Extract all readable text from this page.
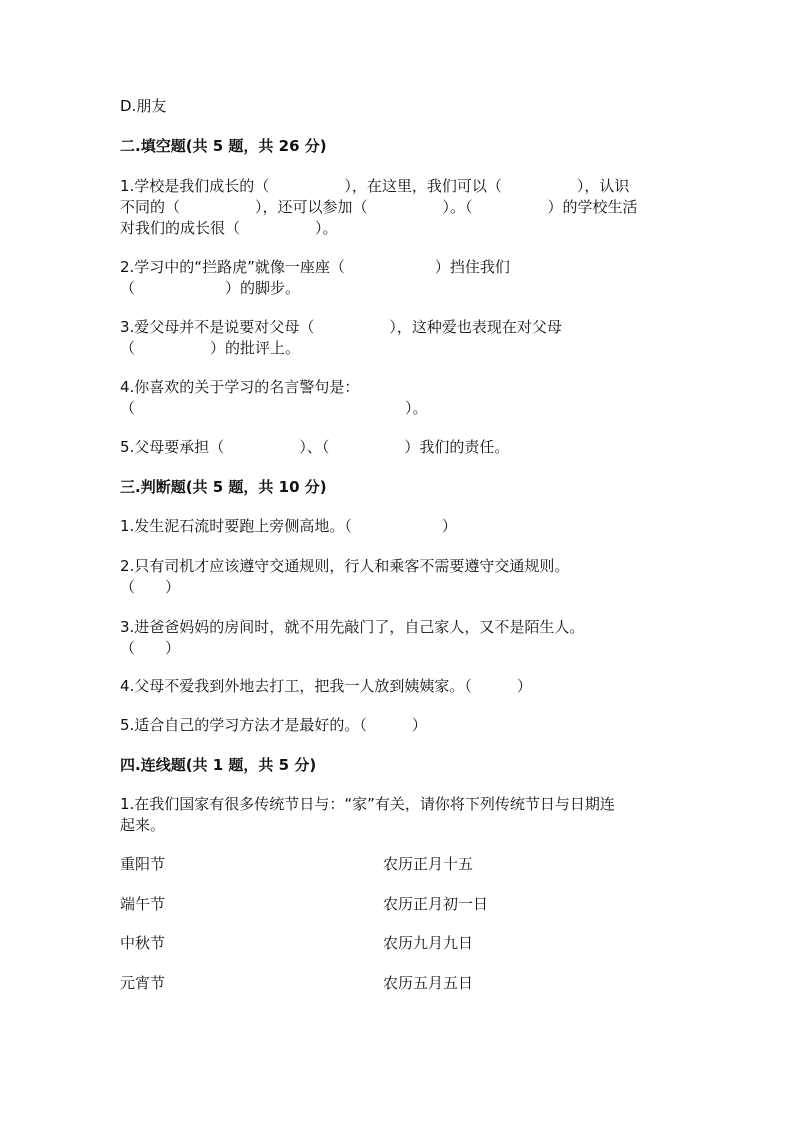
D.朋友
二.填空题(共 5 题，共 26 分)
1.学校是我们成长的（　　　　　），在这里，我们可以（　　　　　），认识
不同的（　　　　　），还可以参加（　　　　　）。（　　　　　）的学校生活
对我们的成长很（　　　　　）。
2.学习中的“拦路虎”就像一座座（　　　　　　）挡住我们
（　　　　　　）的脚步。
3.爱父母并不是说要对父母（　　　　　），这种爱也表现在对父母
（　　　　　）的批评上。
4.你喜欢的关于学习的名言警句是：
（　　　　　　　　　　　　　　　　　　）。
5.父母要承担（　　　　　）、（　　　　　）我们的责任。
三.判断题(共 5 题，共 10 分)
1.发生泥石流时要跑上旁侧高地。（　　　　　　）
2.只有司机才应该遵守交通规则，行人和乘客不需要遵守交通规则。
（　　）
3.进爸爸妈妈的房间时，就不用先敲门了，自己家人，又不是陌生人。
（　　）
4.父母不爱我到外地去打工，把我一人放到姨姨家。（　　　）
5.适合自己的学习方法才是最好的。（　　　）
四.连线题(共 1 题，共 5 分)
1.在我们国家有很多传统节日与：“家”有关，请你将下列传统节日与日期连
起来。
重阳节	农历正月十五
端午节	农历正月初一日
中秋节	农历九月九日
元宵节	农历五月五日
